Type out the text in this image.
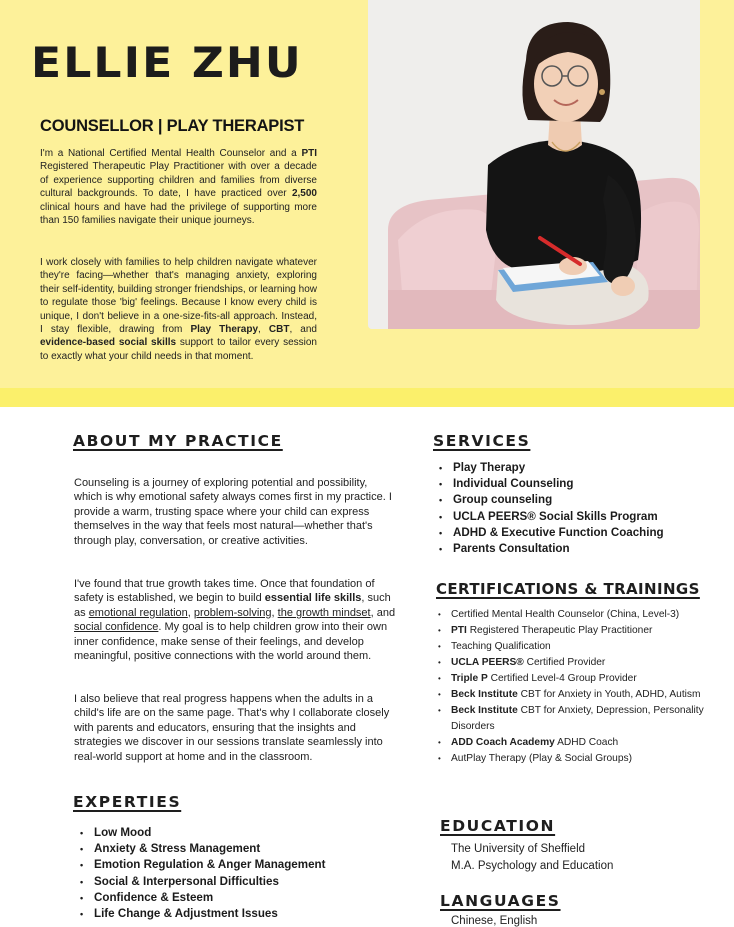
ELLIE ZHU
COUNSELLOR | PLAY THERAPIST

I'm a National Certified Mental Health Counselor and a PTI Registered Therapeutic Play Practitioner with over a decade of experience supporting children and families from diverse cultural backgrounds. To date, I have practiced over 2,500 clinical hours and have had the privilege of supporting more than 150 families navigate their unique journeys.

I work closely with families to help children navigate whatever they're facing—whether that's managing anxiety, exploring their self-identity, building stronger friendships, or learning how to regulate those 'big' feelings. Because I know every child is unique, I don't believe in a one-size-fits-all approach. Instead, I stay flexible, drawing from Play Therapy, CBT, and evidence-based social skills support to tailor every session to exactly what your child needs in that moment.

ABOUT MY PRACTICE

Counseling is a journey of exploring potential and possibility, which is why emotional safety always comes first in my practice. I provide a warm, trusting space where your child can express themselves in the way that feels most natural—whether that's through play, conversation, or creative activities.

I've found that true growth takes time. Once that foundation of safety is established, we begin to build essential life skills, such as emotional regulation, problem-solving, the growth mindset, and social confidence. My goal is to help children grow into their own inner confidence, make sense of their feelings, and develop meaningful, positive connections with the world around them.

I also believe that real progress happens when the adults in a child's life are on the same page. That's why I collaborate closely with parents and educators, ensuring that the insights and strategies we discover in our sessions translate seamlessly into real-world support at home and in the classroom.

EXPERTIES
• Low Mood
• Anxiety & Stress Management
• Emotion Regulation & Anger Management
• Social & Interpersonal Difficulties
• Confidence & Esteem
• Life Change & Adjustment Issues
SERVICES
• Play Therapy
• Individual Counseling
• Group counseling
• UCLA PEERS® Social Skills Program
• ADHD & Executive Function Coaching
• Parents Consultation
CERTIFICATIONS & TRAININGS
• Certified Mental Health Counselor (China, Level-3)
• PTI Registered Therapeutic Play Practitioner
• Teaching Qualification
• UCLA PEERS® Certified Provider
• Triple P Certified Level-4 Group Provider
• Beck Institute CBT for Anxiety in Youth, ADHD, Autism
• Beck Institute CBT for Anxiety, Depression, Personality Disorders
• ADD Coach Academy ADHD Coach
• AutPlay Therapy (Play & Social Groups)
EDUCATION
The University of Sheffield
M.A. Psychology and Education
LANGUAGES
Chinese, English
